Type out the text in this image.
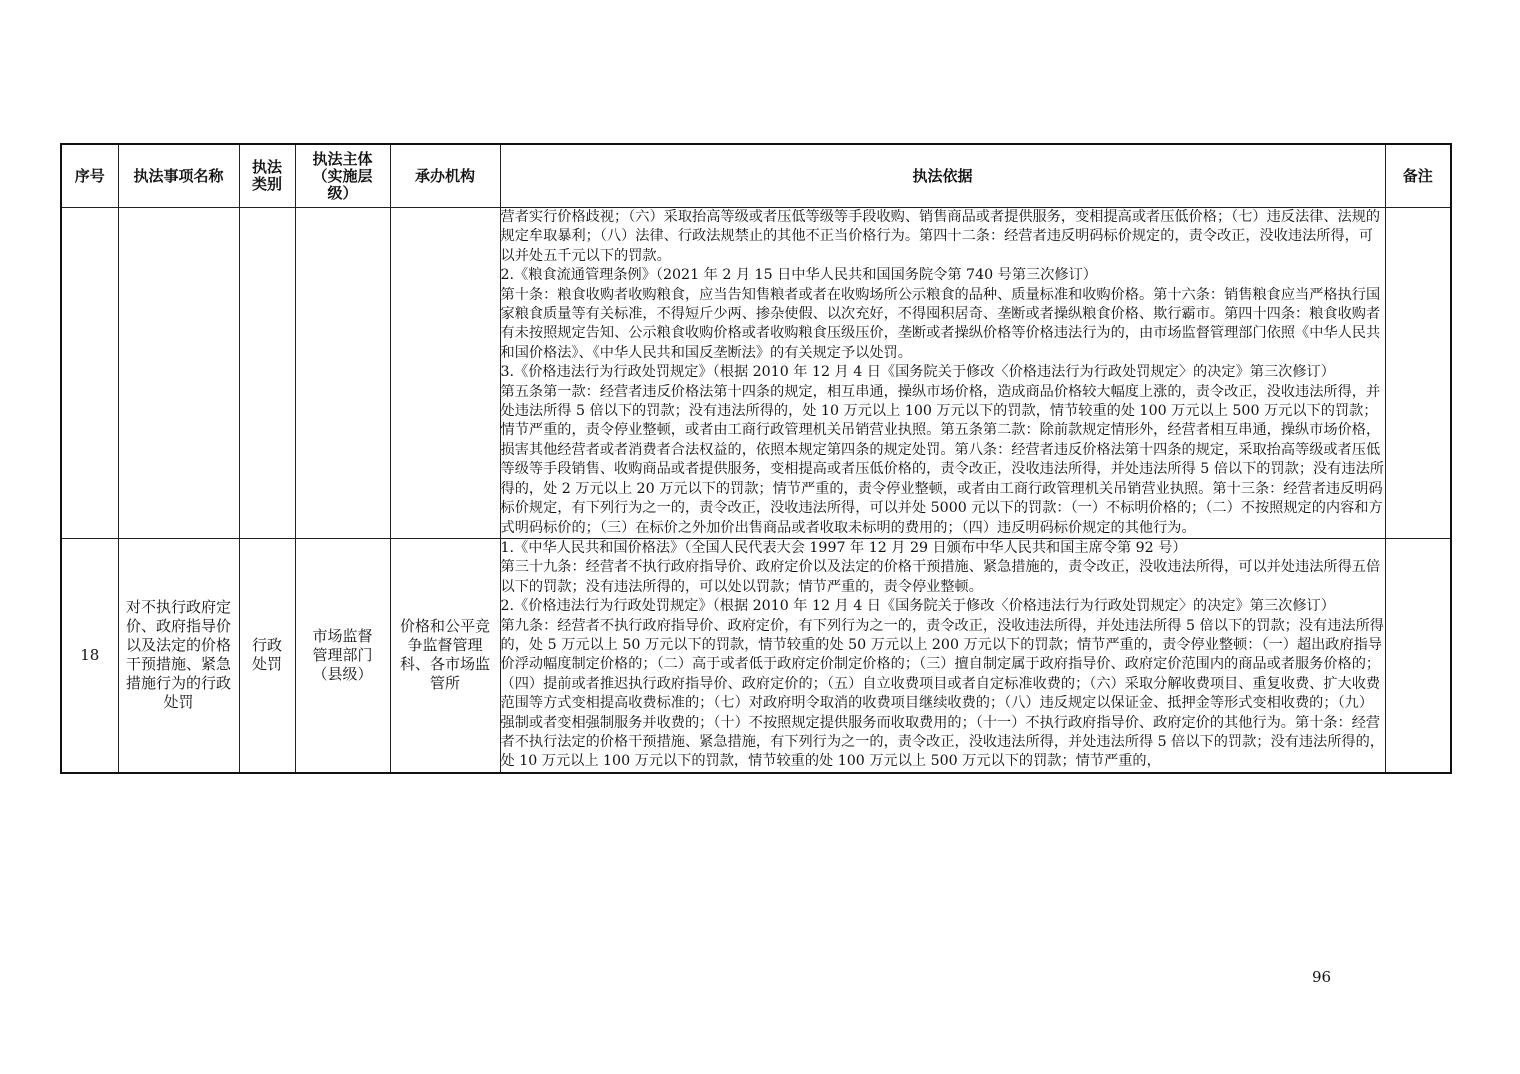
序号	执法事项名称	执法类别	执法主体（实施层级）	承办机构	执法依据	备注

					营者实行价格歧视；（六）采取抬高等级或者压低等级等手段收购、销售商品或者提供服务，变相提高或者压低价格；（七）违反法律、法规的规定牟取暴利；（八）法律、行政法规禁止的其他不正当价格行为。第四十二条：经营者违反明码标价规定的，责令改正，没收违法所得，可以并处五千元以下的罚款。
2.《粮食流通管理条例》（2021 年 2 月 15 日中华人民共和国国务院令第 740 号第三次修订）
第十条：粮食收购者收购粮食，应当告知售粮者或者在收购场所公示粮食的品种、质量标准和收购价格。第十六条：销售粮食应当严格执行国家粮食质量等有关标准，不得短斤少两、掺杂使假、以次充好，不得囤积居奇、垄断或者操纵粮食价格、欺行霸市。第四十四条：粮食收购者有未按照规定告知、公示粮食收购价格或者收购粮食压级压价，垄断或者操纵价格等价格违法行为的，由市场监督管理部门依照《中华人民共和国价格法》、《中华人民共和国反垄断法》的有关规定予以处罚。
3.《价格违法行为行政处罚规定》（根据 2010 年 12 月 4 日《国务院关于修改〈价格违法行为行政处罚规定〉的决定》第三次修订）
第五条第一款：经营者违反价格法第十四条的规定，相互串通，操纵市场价格，造成商品价格较大幅度上涨的，责令改正，没收违法所得，并处违法所得 5 倍以下的罚款；没有违法所得的，处 10 万元以上 100 万元以下的罚款，情节较重的处 100 万元以上 500 万元以下的罚款；情节严重的，责令停业整顿，或者由工商行政管理机关吊销营业执照。第五条第二款：除前款规定情形外，经营者相互串通，操纵市场价格，损害其他经营者或者消费者合法权益的，依照本规定第四条的规定处罚。第八条：经营者违反价格法第十四条的规定，采取抬高等级或者压低等级等手段销售、收购商品或者提供服务，变相提高或者压低价格的，责令改正，没收违法所得，并处违法所得 5 倍以下的罚款；没有违法所得的，处 2 万元以上 20 万元以下的罚款；情节严重的，责令停业整顿，或者由工商行政管理机关吊销营业执照。第十三条：经营者违反明码标价规定，有下列行为之一的，责令改正，没收违法所得，可以并处 5000 元以下的罚款：（一）不标明价格的；（二）不按照规定的内容和方式明码标价的；（三）在标价之外加价出售商品或者收取未标明的费用的；（四）违反明码标价规定的其他行为。	

18	对不执行政府定价、政府指导价以及法定的价格干预措施、紧急措施行为的行政处罚	行政处罚	市场监督管理部门（县级）	价格和公平竞争监督管理科、各市场监管所	1.《中华人民共和国价格法》（全国人民代表大会 1997 年 12 月 29 日颁布中华人民共和国主席令第 92 号）
第三十九条：经营者不执行政府指导价、政府定价以及法定的价格干预措施、紧急措施的，责令改正，没收违法所得，可以并处违法所得五倍以下的罚款；没有违法所得的，可以处以罚款；情节严重的，责令停业整顿。
2.《价格违法行为行政处罚规定》（根据 2010 年 12 月 4 日《国务院关于修改〈价格违法行为行政处罚规定〉的决定》第三次修订）
第九条：经营者不执行政府指导价、政府定价，有下列行为之一的，责令改正，没收违法所得，并处违法所得 5 倍以下的罚款；没有违法所得的，处 5 万元以上 50 万元以下的罚款，情节较重的处 50 万元以上 200 万元以下的罚款；情节严重的，责令停业整顿：（一）超出政府指导价浮动幅度制定价格的；（二）高于或者低于政府定价制定价格的；（三）擅自制定属于政府指导价、政府定价范围内的商品或者服务价格的；（四）提前或者推迟执行政府指导价、政府定价的；（五）自立收费项目或者自定标准收费的；（六）采取分解收费项目、重复收费、扩大收费范围等方式变相提高收费标准的；（七）对政府明令取消的收费项目继续收费的；（八）违反规定以保证金、抵押金等形式变相收费的；（九）强制或者变相强制服务并收费的；（十）不按照规定提供服务而收取费用的；（十一）不执行政府指导价、政府定价的其他行为。第十条：经营者不执行法定的价格干预措施、紧急措施，有下列行为之一的，责令改正，没收违法所得，并处违法所得 5 倍以下的罚款；没有违法所得的，处 10 万元以上 100 万元以下的罚款，情节较重的处 100 万元以上 500 万元以下的罚款；情节严重的，	

96
